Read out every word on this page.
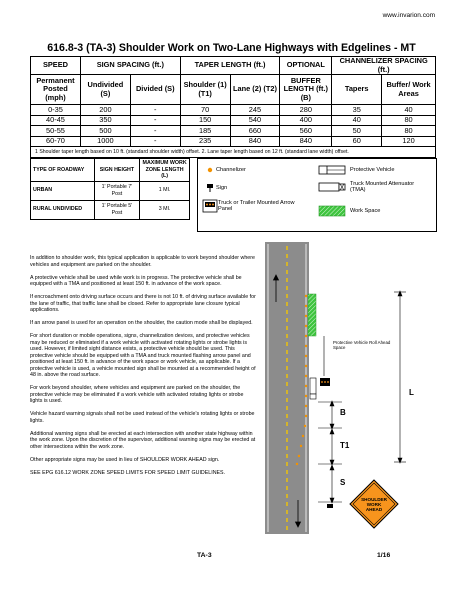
www.invarion.com
616.8-3 (TA-3) Shoulder Work on Two-Lane Highways with Edgelines - MT
SPEED	SIGN SPACING (ft.)		TAPER LENGTH (ft.)		OPTIONAL	CHANNELIZER SPACING (ft.)	
Permanent Posted (mph)	Undivided (S)	Divided (S)	Shoulder (1) (T1)	Lane (2) (T2)	BUFFER LENGTH (ft.) (B)	Tapers	Buffer/ Work Areas
0-35	200	-	70	245	280	35	40
40-45	350	-	150	540	400	40	80
50-55	500	-	185	660	560	50	80
60-70	1000	-	235	840	840	60	120
1 Shoulder taper length based on 10 ft. (standard shoulder width) offset. 2. Lane taper length based on 12 ft. (standard lane width) offset.							
TYPE OF ROADWAY	SIGN HEIGHT	MAXIMUM WORK ZONE LENGTH (L)
URBAN	1' Portable 7' Post	1 MI.
RURAL UNDIVIDED	1' Portable 5' Post	3 MI.
Channelizer
Sign
Truck or Trailer Mounted Arrow Panel
Protective Vehicle
Truck Mounted Attenuator (TMA)
Work Space

In addition to shoulder work, this typical application is applicable to work beyond shoulder where vehicles and equipment are parked on the shoulder.

A protective vehicle shall be used while work is in progress. The protective vehicle shall be equipped with a TMA and positioned at least 150 ft. in advance of the work space.

If encroachment onto driving surface occurs and there is not 10 ft. of driving surface available for the lane of traffic, that traffic lane shall be closed. Refer to appropriate lane closure typical applications.

If an arrow panel is used for an operation on the shoulder, the caution mode shall be displayed.

For short duration or mobile operations, signs, channelization devices, and protective vehicles may be reduced or eliminated if a work vehicle with activated rotating lights or strobe lights is used. However, if limited sight distance exists, a protective vehicle should be used. This protective vehicle should be equipped with a TMA and truck mounted flashing arrow panel and positioned at least 150 ft. in advance of the work space or work vehicle, as applicable. If a protective vehicle is used, a vehicle mounted sign shall be mounted at a recommended height of 48 in. above the road surface.

For work beyond shoulder, where vehicles and equipment are parked on the shoulder, the protective vehicle may be eliminated if a work vehicle with activated rotating lights or strobe lights is used.

Vehicle hazard warning signals shall not be used instead of the vehicle's rotating lights or strobe lights.

Additional warning signs shall be erected at each intersection with another state highway within the work zone. Upon the discretion of the supervisor, additional warning signs may be erected at other intersections within the work zone.

Other appropriate signs may be used in lieu of SHOULDER WORK AHEAD sign.

SEE EPG 616.12 WORK ZONE SPEED LIMITS FOR SPEED LIMIT GUIDELINES.

Protective Vehicle Roll Ahead Space
L
B
T1
S
SHOULDER
WORK
AHEAD
TA-3	1/16
